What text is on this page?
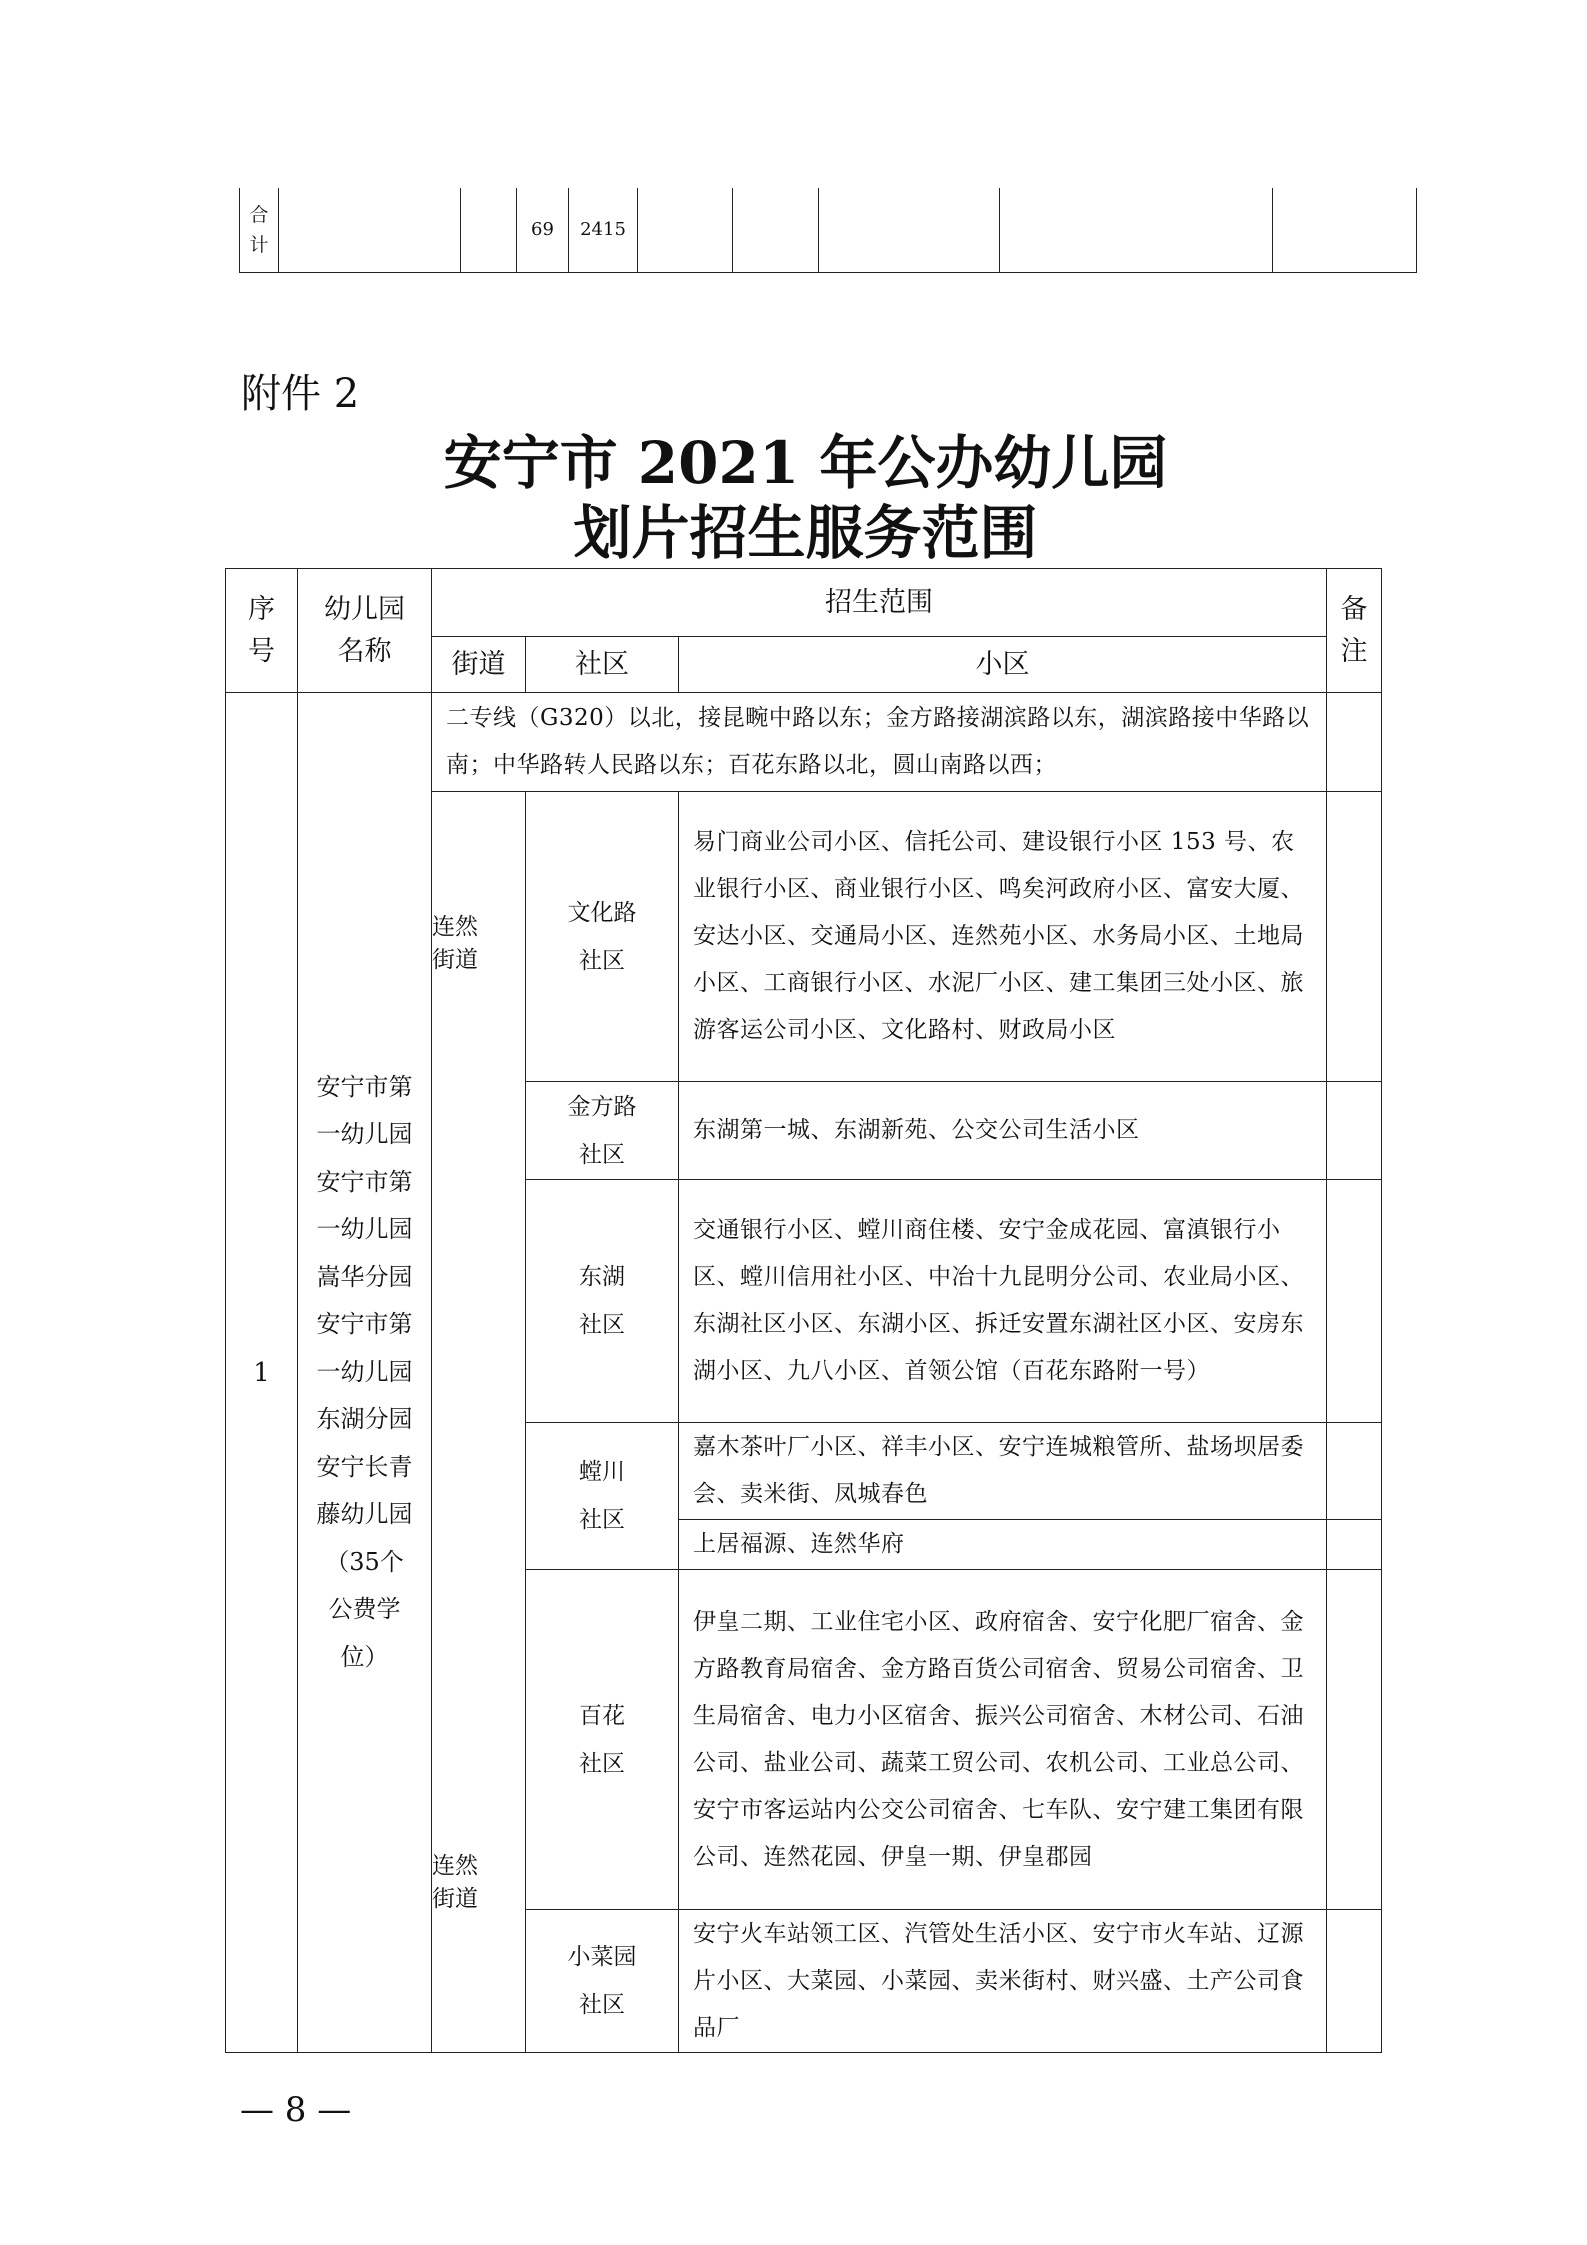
合计			69	2415					
附件 2
安宁市 2021 年公办幼儿园
划片招生服务范围
序号	幼儿园名称	招生范围			备注
		街道	社区	小区	
1	安宁市第一幼儿园安宁市第一幼儿园嵩华分园安宁市第一幼儿园东湖分园安宁长青藤幼儿园（35个公费学位）	二专线（G320）以北，接昆畹中路以东；金方路接湖滨路以东，湖滨路接中华路以南；中华路转人民路以东；百花东路以北，圆山南路以西；			

		连然街道
连然街道	文化路社区	易门商业公司小区、信托公司、建设银行小区 153 号、农业银行小区、商业银行小区、鸣矣河政府小区、富安大厦、安达小区、交通局小区、连然苑小区、水务局小区、土地局小区、工商银行小区、水泥厂小区、建工集团三处小区、旅游客运公司小区、文化路村、财政局小区	
			金方路社区	东湖第一城、东湖新苑、公交公司生活小区	
			东湖社区	交通银行小区、螳川商住楼、安宁金成花园、富滇银行小区、螳川信用社小区、中冶十九昆明分公司、农业局小区、东湖社区小区、东湖小区、拆迁安置东湖社区小区、安房东湖小区、九八小区、首领公馆（百花东路附一号）	
			螳川社区	嘉木茶叶厂小区、祥丰小区、安宁连城粮管所、盐场坝居委会、卖米街、凤城春色	
				上居福源、连然华府	
			百花社区	伊皇二期、工业住宅小区、政府宿舍、安宁化肥厂宿舍、金方路教育局宿舍、金方路百货公司宿舍、贸易公司宿舍、卫生局宿舍、电力小区宿舍、振兴公司宿舍、木材公司、石油公司、盐业公司、蔬菜工贸公司、农机公司、工业总公司、安宁市客运站内公交公司宿舍、七车队、安宁建工集团有限公司、连然花园、伊皇一期、伊皇郡园	
			小菜园社区	安宁火车站领工区、汽管处生活小区、安宁市火车站、辽源片小区、大菜园、小菜园、卖米街村、财兴盛、土产公司食品厂	
— 8 —
